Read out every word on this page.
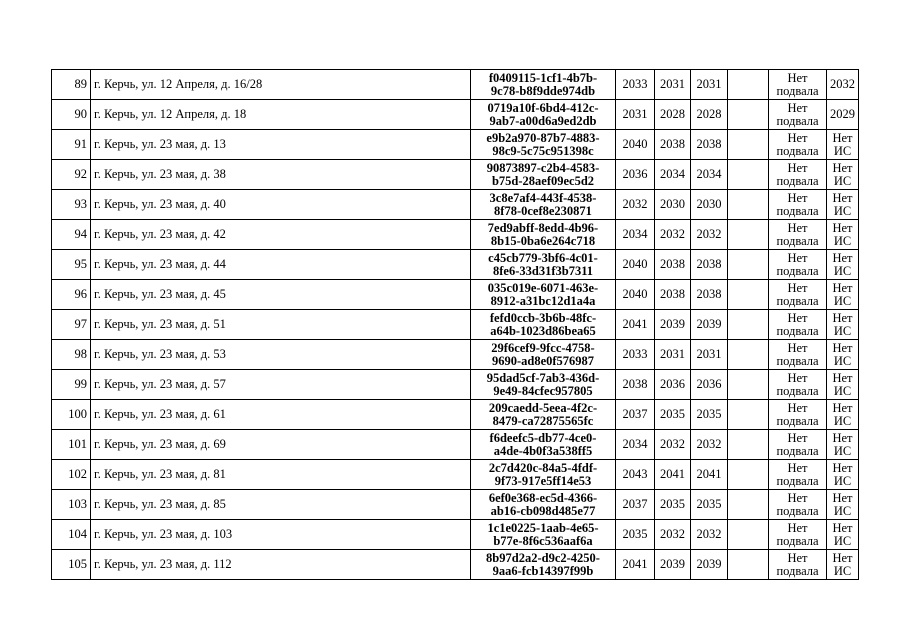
89	г. Керчь, ул. 12 Апреля, д. 16/28	f0409115-1cf1-4b7b-
9c78-b8f9dde974db	2033	2031	2031		Нет
подвала	2032
90	г. Керчь, ул. 12 Апреля, д. 18	0719a10f-6bd4-412c-
9ab7-a00d6a9ed2db	2031	2028	2028		Нет
подвала	2029
91	г. Керчь, ул. 23 мая, д. 13	e9b2a970-87b7-4883-
98c9-5c75c951398c	2040	2038	2038		Нет
подвала	Нет
ИС
92	г. Керчь, ул. 23 мая, д. 38	90873897-c2b4-4583-
b75d-28aef09ec5d2	2036	2034	2034		Нет
подвала	Нет
ИС
93	г. Керчь, ул. 23 мая, д. 40	3c8e7af4-443f-4538-
8f78-0cef8e230871	2032	2030	2030		Нет
подвала	Нет
ИС
94	г. Керчь, ул. 23 мая, д. 42	7ed9abff-8edd-4b96-
8b15-0ba6e264c718	2034	2032	2032		Нет
подвала	Нет
ИС
95	г. Керчь, ул. 23 мая, д. 44	c45cb779-3bf6-4c01-
8fe6-33d31f3b7311	2040	2038	2038		Нет
подвала	Нет
ИС
96	г. Керчь, ул. 23 мая, д. 45	035c019e-6071-463e-
8912-a31bc12d1a4a	2040	2038	2038		Нет
подвала	Нет
ИС
97	г. Керчь, ул. 23 мая, д. 51	fefd0ccb-3b6b-48fc-
a64b-1023d86bea65	2041	2039	2039		Нет
подвала	Нет
ИС
98	г. Керчь, ул. 23 мая, д. 53	29f6cef9-9fcc-4758-
9690-ad8e0f576987	2033	2031	2031		Нет
подвала	Нет
ИС
99	г. Керчь, ул. 23 мая, д. 57	95dad5cf-7ab3-436d-
9e49-84cfec957805	2038	2036	2036		Нет
подвала	Нет
ИС
100	г. Керчь, ул. 23 мая, д. 61	209caedd-5eea-4f2c-
8479-ca72875565fc	2037	2035	2035		Нет
подвала	Нет
ИС
101	г. Керчь, ул. 23 мая, д. 69	f6deefc5-db77-4ce0-
a4de-4b0f3a538ff5	2034	2032	2032		Нет
подвала	Нет
ИС
102	г. Керчь, ул. 23 мая, д. 81	2c7d420c-84a5-4fdf-
9f73-917e5ff14e53	2043	2041	2041		Нет
подвала	Нет
ИС
103	г. Керчь, ул. 23 мая, д. 85	6ef0e368-ec5d-4366-
ab16-cb098d485e77	2037	2035	2035		Нет
подвала	Нет
ИС
104	г. Керчь, ул. 23 мая, д. 103	1c1e0225-1aab-4e65-
b77e-8f6c536aaf6a	2035	2032	2032		Нет
подвала	Нет
ИС
105	г. Керчь, ул. 23 мая, д. 112	8b97d2a2-d9c2-4250-
9aa6-fcb14397f99b	2041	2039	2039		Нет
подвала	Нет
ИС
